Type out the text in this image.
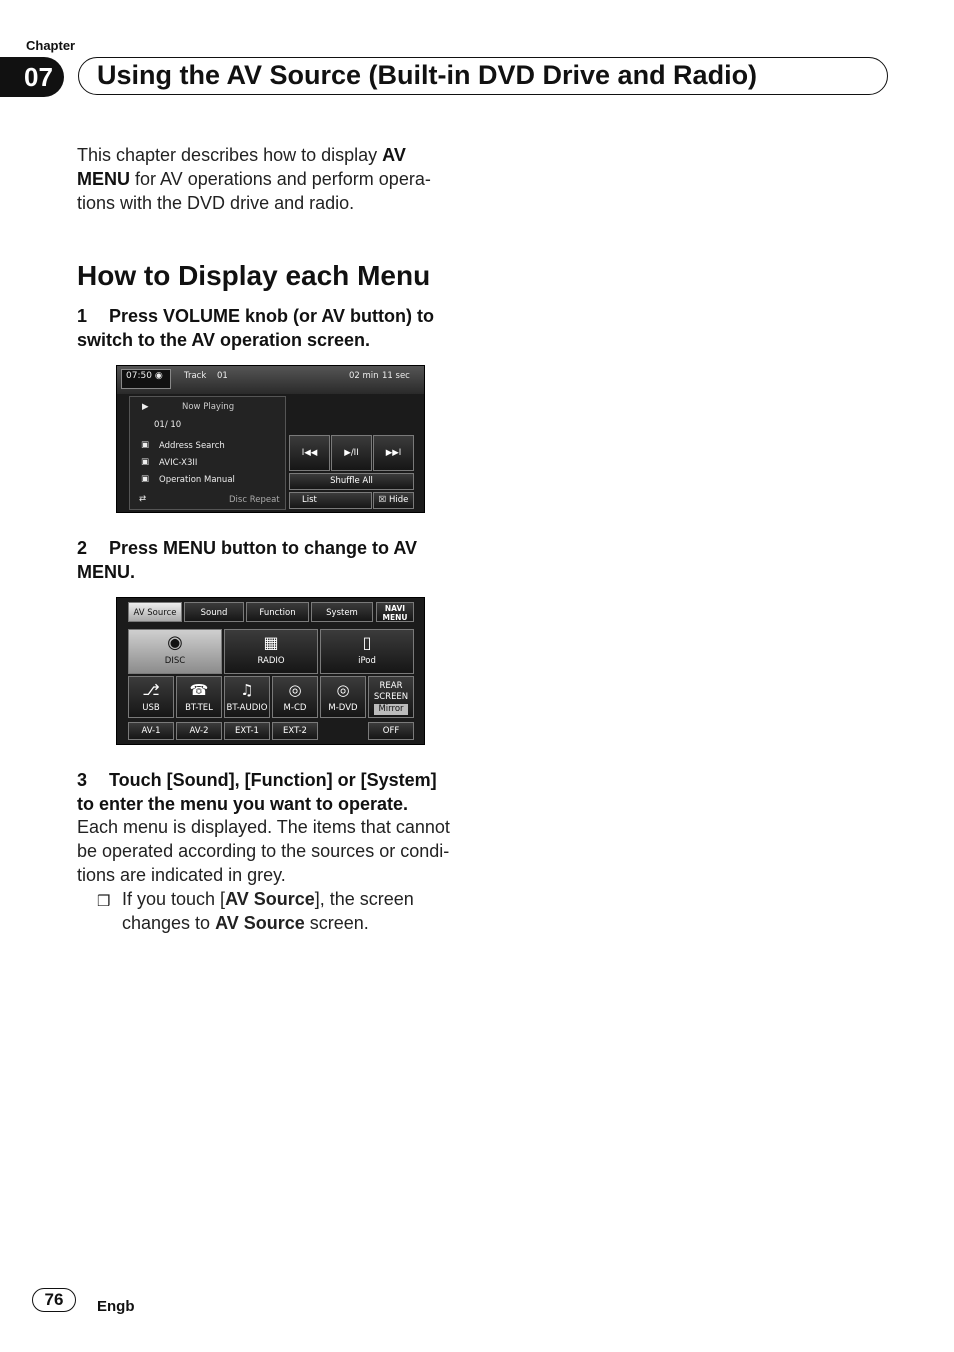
Chapter
07	Using the AV Source (Built-in DVD Drive and Radio)
This chapter describes how to display AV
MENU for AV operations and perform opera-
tions with the DVD drive and radio.
How to Display each Menu
1 Press VOLUME knob (or AV button) to
switch to the AV operation screen.
07:50 ◉	Track 01	02 min 11 sec
▶	Now Playing
01/ 10
▣ Address Search
▣ AVIC-X3II
▣ Operation Manual
⇄	Disc Repeat
I◀◀	▶/II	▶▶I
Shuffle All
List	☒ Hide
2 Press MENU button to change to AV
MENU.
AV Source	Sound	Function	System	NAVI
MENU
◉
DISC
▦
RADIO
▯
iPod
⎇
USB
☎
BT-TEL
♫
BT-AUDIO
◎
M-CD
◎
M-DVD
REAR
SCREEN
Mirror
AV-1	AV-2	EXT-1	EXT-2	OFF
3 Touch [Sound], [Function] or [System]
to enter the menu you want to operate.
Each menu is displayed. The items that cannot
be operated according to the sources or condi-
tions are indicated in grey.
❒ If you touch [AV Source], the screen
changes to AV Source screen.
76	Engb
